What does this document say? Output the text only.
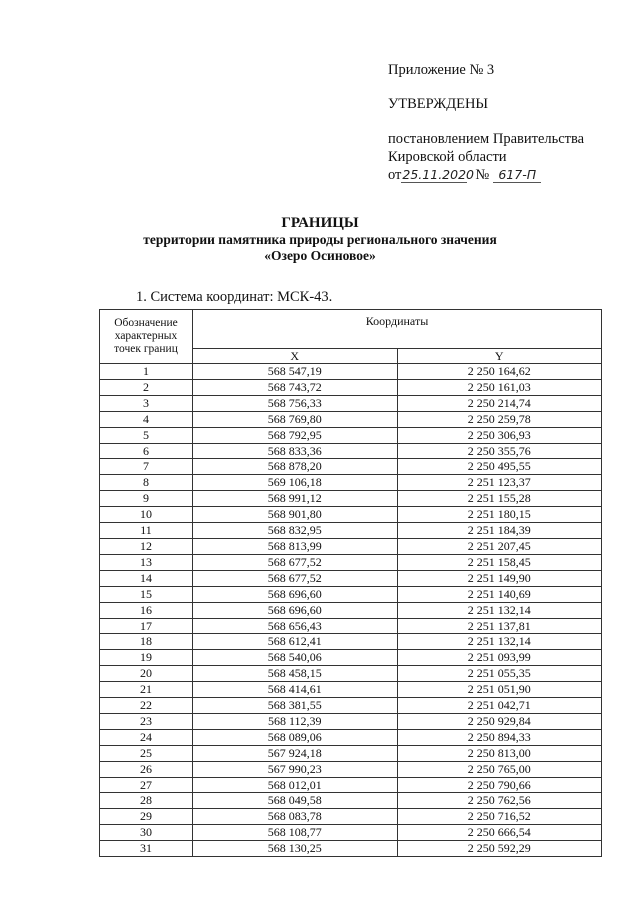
Приложение № 3
УТВЕРЖДЕНЫ
постановлением Правительства
Кировской области
от25.11.2020№ 617-П
ГРАНИЦЫ
территории памятника природы регионального значения
«Озеро Осиновое»
1. Система координат: МСК-43.
Обозначение характерных точек границ	Координаты	
	X	Y
1	568 547,19	2 250 164,62
2	568 743,72	2 250 161,03
3	568 756,33	2 250 214,74
4	568 769,80	2 250 259,78
5	568 792,95	2 250 306,93
6	568 833,36	2 250 355,76
7	568 878,20	2 250 495,55
8	569 106,18	2 251 123,37
9	568 991,12	2 251 155,28
10	568 901,80	2 251 180,15
11	568 832,95	2 251 184,39
12	568 813,99	2 251 207,45
13	568 677,52	2 251 158,45
14	568 677,52	2 251 149,90
15	568 696,60	2 251 140,69
16	568 696,60	2 251 132,14
17	568 656,43	2 251 137,81
18	568 612,41	2 251 132,14
19	568 540,06	2 251 093,99
20	568 458,15	2 251 055,35
21	568 414,61	2 251 051,90
22	568 381,55	2 251 042,71
23	568 112,39	2 250 929,84
24	568 089,06	2 250 894,33
25	567 924,18	2 250 813,00
26	567 990,23	2 250 765,00
27	568 012,01	2 250 790,66
28	568 049,58	2 250 762,56
29	568 083,78	2 250 716,52
30	568 108,77	2 250 666,54
31	568 130,25	2 250 592,29
